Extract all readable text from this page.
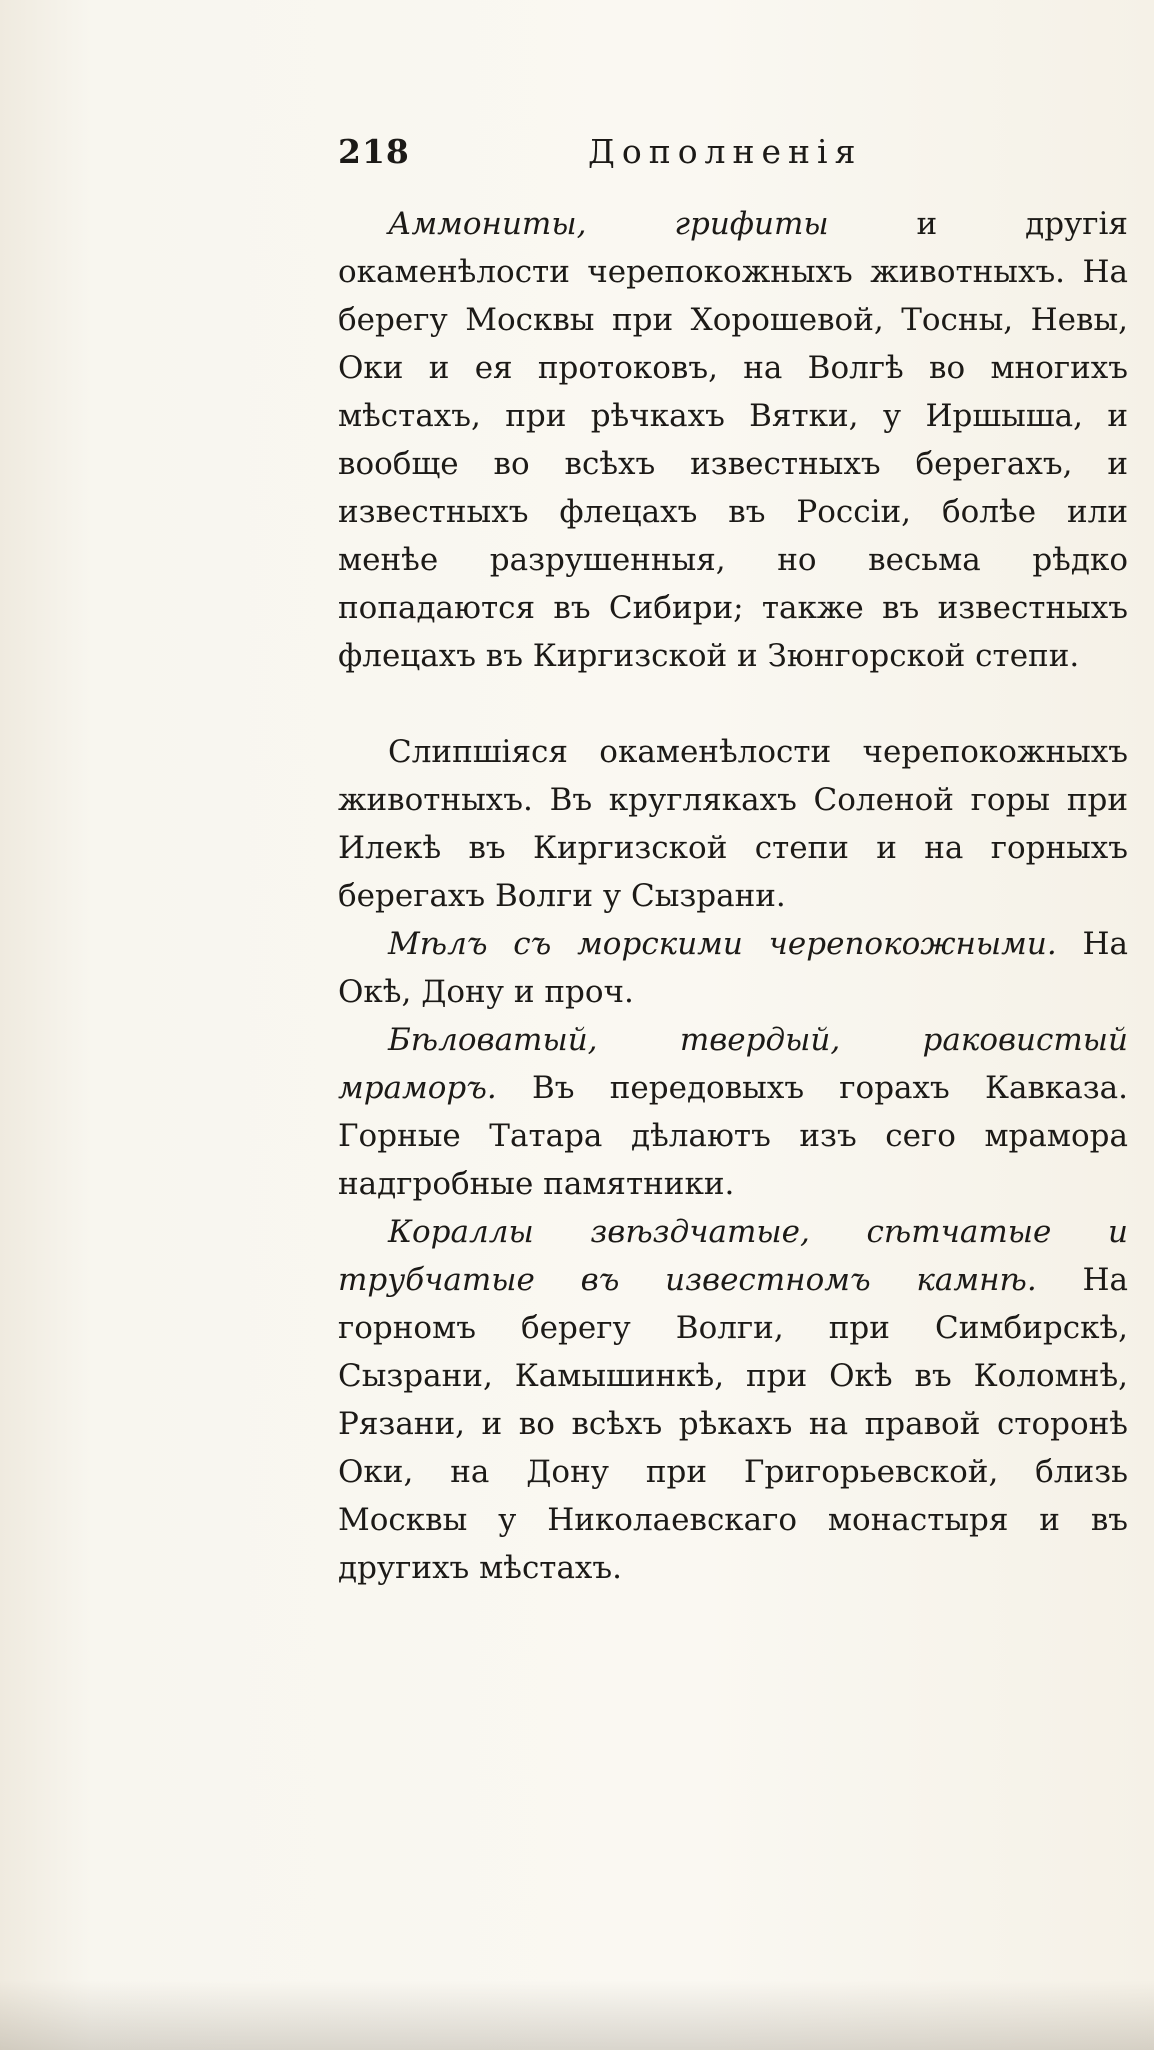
218	Дополненія

Аммониты, грифиты и другія окаменѣлости черепокожныхъ животныхъ. На берегу Москвы при Хорошевой, Тосны, Невы, Оки и ея протоковъ, на Волгѣ во многихъ мѣстахъ, при рѣчкахъ Вятки, у Иршыша, и вообще во всѣхъ известныхъ берегахъ, и известныхъ флецахъ въ Россіи, болѣе или менѣе разрушенныя, но весьма рѣдко попадаются въ Сибири; также въ известныхъ флецахъ въ Киргизской и Зюнгорской степи.

Слипшіяся окаменѣлости черепокожныхъ животныхъ. Въ круглякахъ Соленой горы при Илекѣ въ Киргизской степи и на горныхъ берегахъ Волги у Сызрани.

Мѣлъ съ морскими черепокожными. На Окѣ, Дону и проч.

Бѣловатый, твердый, раковистый мраморъ. Въ передовыхъ горахъ Кавказа. Горные Татара дѣлаютъ изъ сего мрамора надгробные памятники.

Кораллы звѣздчатые, сѣтчатые и трубчатые въ известномъ камнѣ. На горномъ берегу Волги, при Симбирскѣ, Сызрани, Камышинкѣ, при Окѣ въ Коломнѣ, Рязани, и во всѣхъ рѣкахъ на правой сторонѣ Оки, на Дону при Григорьевской, близь Москвы у Николаевскаго монастыря и въ другихъ мѣстахъ.
